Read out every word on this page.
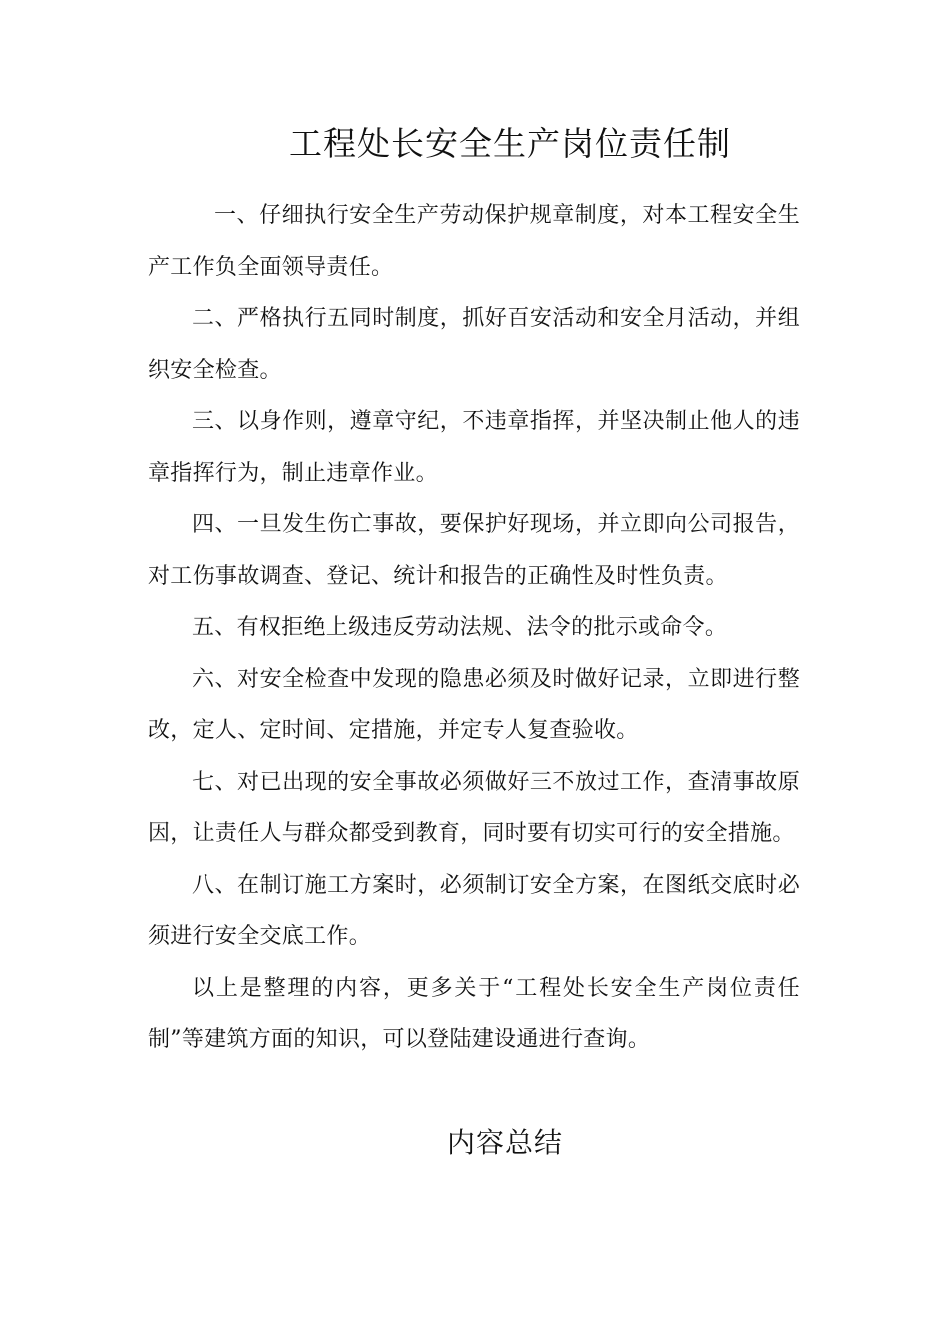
工程处长安全生产岗位责任制

一、仔细执行安全生产劳动保护规章制度，对本工程安全生产工作负全面领导责任。

二、严格执行五同时制度，抓好百安活动和安全月活动，并组织安全检查。

三、以身作则，遵章守纪，不违章指挥，并坚决制止他人的违章指挥行为，制止违章作业。

四、一旦发生伤亡事故，要保护好现场，并立即向公司报告，对工伤事故调查、登记、统计和报告的正确性及时性负责。

五、有权拒绝上级违反劳动法规、法令的批示或命令。

六、对安全检查中发现的隐患必须及时做好记录，立即进行整改，定人、定时间、定措施，并定专人复查验收。

七、对已出现的安全事故必须做好三不放过工作，查清事故原因，让责任人与群众都受到教育，同时要有切实可行的安全措施。

八、在制订施工方案时，必须制订安全方案，在图纸交底时必须进行安全交底工作。

以上是整理的内容，更多关于“工程处长安全生产岗位责任制”等建筑方面的知识，可以登陆建设通进行查询。

内容总结
